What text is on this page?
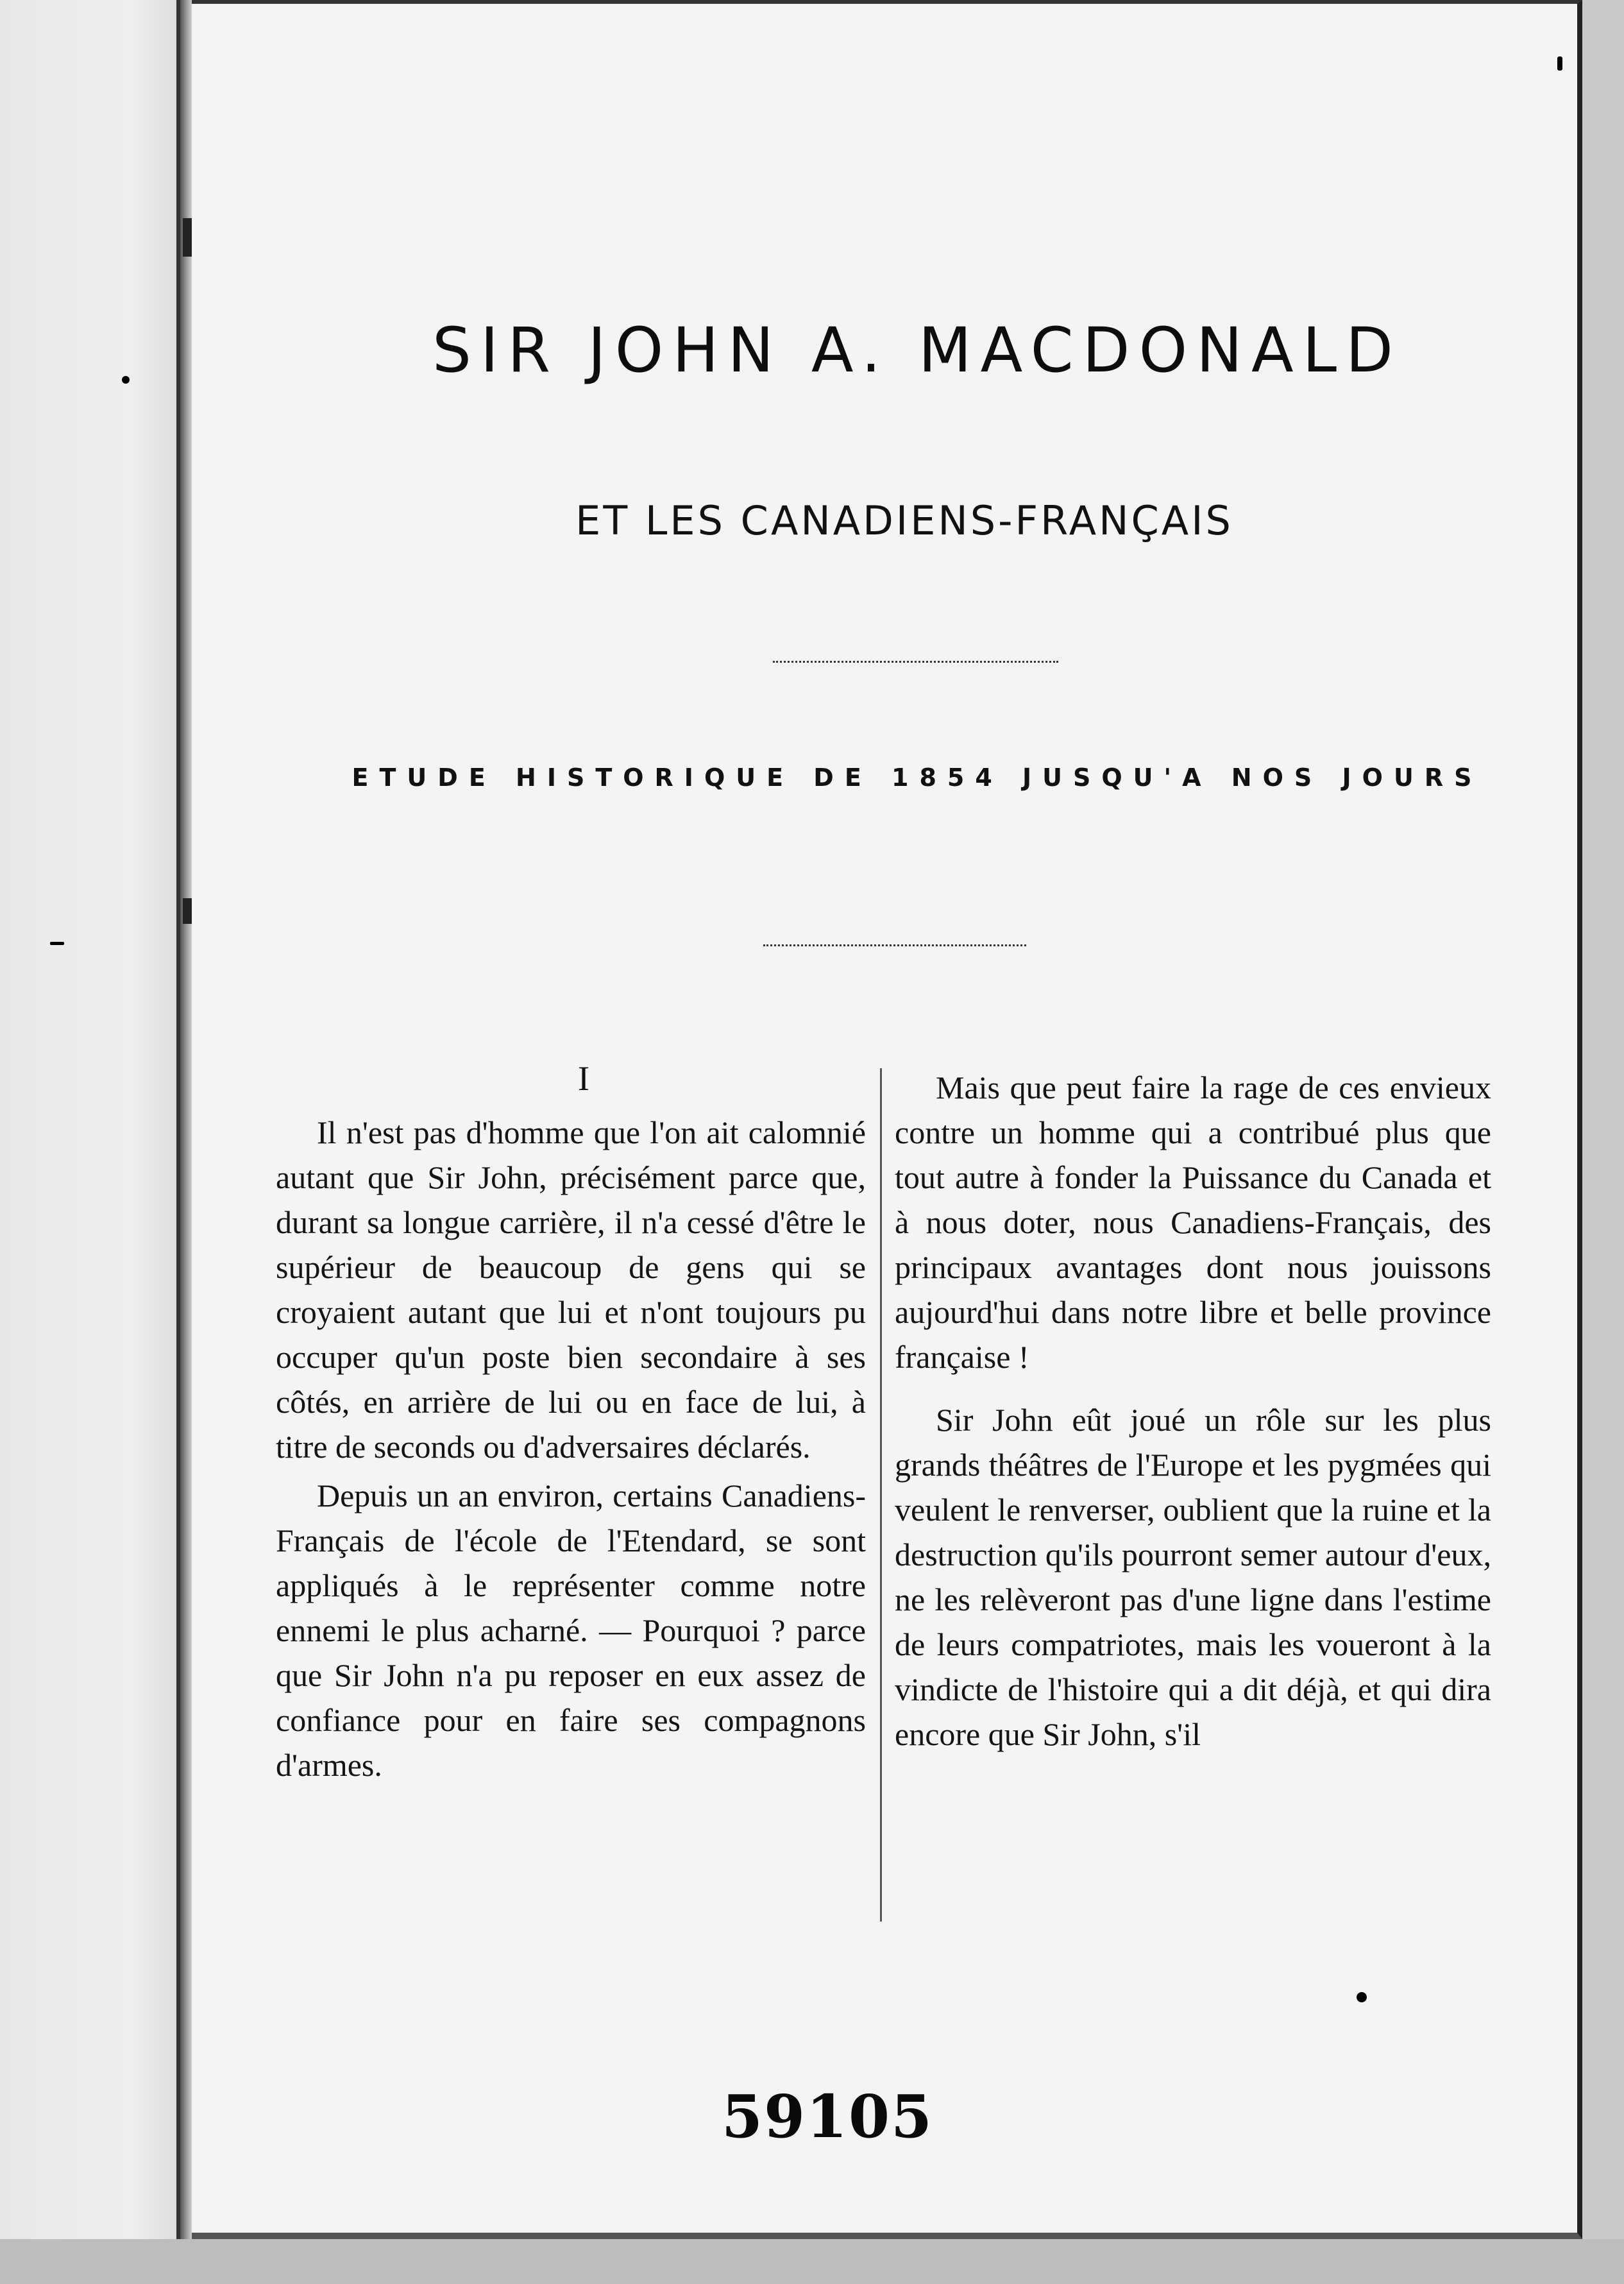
SIR JOHN A. MACDONALD
ET LES CANADIENS-FRANÇAIS
ETUDE HISTORIQUE DE 1854 JUSQU'A NOS JOURS
I

Il n'est pas d'homme que l'on ait calomnié autant que Sir John, précisément parce que, durant sa longue carrière, il n'a cessé d'être le supérieur de beaucoup de gens qui se croyaient autant que lui et n'ont toujours pu occuper qu'un poste bien secondaire à ses côtés, en arrière de lui ou en face de lui, à titre de seconds ou d'adversaires déclarés.

Depuis un an environ, certains Canadiens-Français de l'école de l'Etendard, se sont appliqués à le représenter comme notre ennemi le plus acharné. — Pourquoi ? parce que Sir John n'a pu reposer en eux assez de confiance pour en faire ses compagnons d'armes.

Mais que peut faire la rage de ces envieux contre un homme qui a contribué plus que tout autre à fonder la Puissance du Canada et à nous doter, nous Canadiens-Français, des principaux avantages dont nous jouissons aujourd'hui dans notre libre et belle province française !

Sir John eût joué un rôle sur les plus grands théâtres de l'Europe et les pygmées qui veulent le renverser, oublient que la ruine et la destruction qu'ils pourront semer autour d'eux, ne les relèveront pas d'une ligne dans l'estime de leurs compatriotes, mais les voueront à la vindicte de l'histoire qui a dit déjà, et qui dira encore que Sir John, s'il

59105
